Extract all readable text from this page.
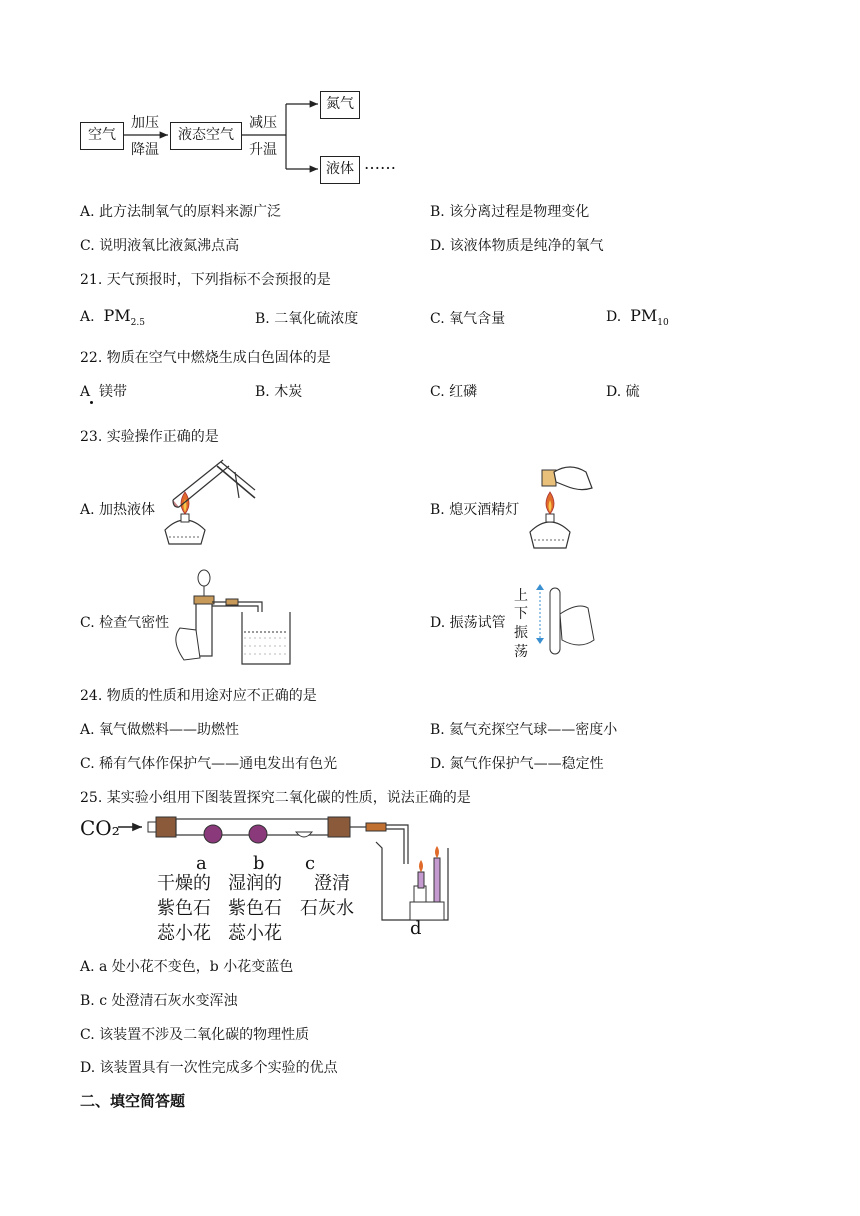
空气
加压
降温
液态空气
减压
升温
氮气
液体 ……
A. 此方法制氧气的原料来源广泛	B. 该分离过程是物理变化
C. 说明液氧比液氮沸点高	D. 该液体物质是纯净的氧气
21. 天气预报时，下列指标不会预报的是
A. $PM_{2.5}$	B. 二氧化硫浓度	C. 氧气含量	D. $PM_{10}$
22. 物质在空气中燃烧生成白色固体的是
A 镁带	B. 木炭	C. 红磷	D. 硫
23. 实验操作正确的是
A. 加热液体	B. 熄灭酒精灯
C. 检查气密性	D. 振荡试管
上
下
振
荡
24. 物质的性质和用途对应不正确的是
A. 氧气做燃料——助燃性	B. 氦气充探空气球——密度小
C. 稀有气体作保护气——通电发出有色光	D. 氮气作保护气——稳定性
25. 某实验小组用下图装置探究二氧化碳的性质，说法正确的是
CO₂
a	b c
d
干燥的
紫色石
蕊小花
湿润的
紫色石
蕊小花
澄清
石灰水
A. a 处小花不变色，b 小花变蓝色
B. c 处澄清石灰水变浑浊
C. 该装置不涉及二氧化碳的物理性质
D. 该装置具有一次性完成多个实验的优点
二、填空简答题
